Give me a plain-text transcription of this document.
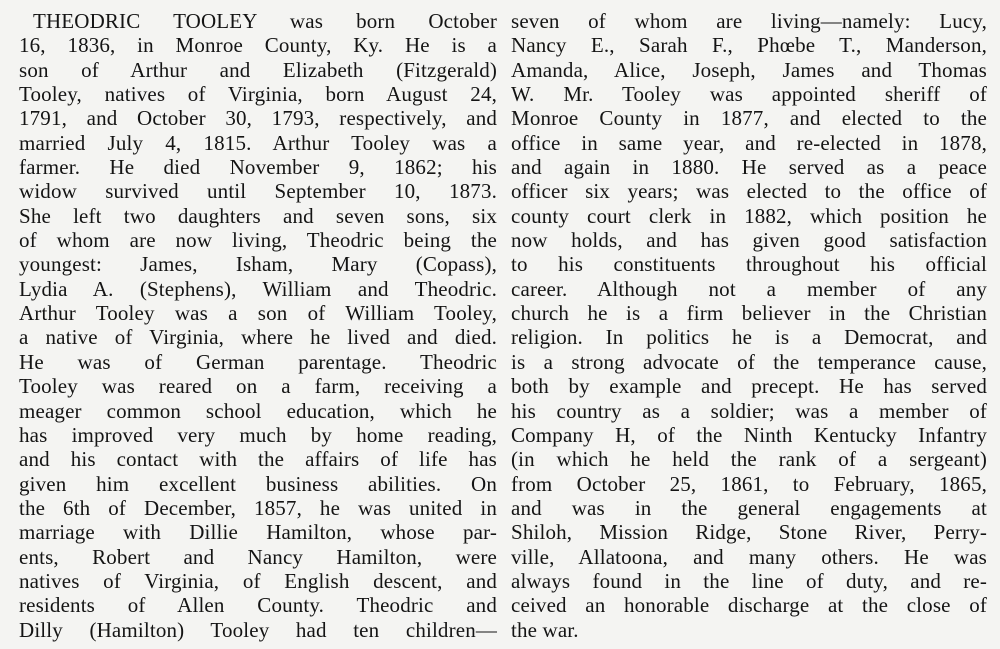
THEODRIC TOOLEY was born October
16, 1836, in Monroe County, Ky. He is a
son of Arthur and Elizabeth (Fitzgerald)
Tooley, natives of Virginia, born August 24,
1791, and October 30, 1793, respectively, and
married July 4, 1815. Arthur Tooley was a
farmer. He died November 9, 1862; his
widow survived until September 10, 1873.
She left two daughters and seven sons, six
of whom are now living, Theodric being the
youngest: James, Isham, Mary (Copass),
Lydia A. (Stephens), William and Theodric.
Arthur Tooley was a son of William Tooley,
a native of Virginia, where he lived and died.
He was of German parentage. Theodric
Tooley was reared on a farm, receiving a
meager common school education, which he
has improved very much by home reading,
and his contact with the affairs of life has
given him excellent business abilities. On
the 6th of December, 1857, he was united in
marriage with Dillie Hamilton, whose par-
ents, Robert and Nancy Hamilton, were
natives of Virginia, of English descent, and
residents of Allen County. Theodric and
Dilly (Hamilton) Tooley had ten children—
seven of whom are living—namely: Lucy,
Nancy E., Sarah F., Phœbe T., Manderson,
Amanda, Alice, Joseph, James and Thomas
W. Mr. Tooley was appointed sheriff of
Monroe County in 1877, and elected to the
office in same year, and re-elected in 1878,
and again in 1880. He served as a peace
officer six years; was elected to the office of
county court clerk in 1882, which position he
now holds, and has given good satisfaction
to his constituents throughout his official
career. Although not a member of any
church he is a firm believer in the Christian
religion. In politics he is a Democrat, and
is a strong advocate of the temperance cause,
both by example and precept. He has served
his country as a soldier; was a member of
Company H, of the Ninth Kentucky Infantry
(in which he held the rank of a sergeant)
from October 25, 1861, to February, 1865,
and was in the general engagements at
Shiloh, Mission Ridge, Stone River, Perry-
ville, Allatoona, and many others. He was
always found in the line of duty, and re-
ceived an honorable discharge at the close of
the war.
